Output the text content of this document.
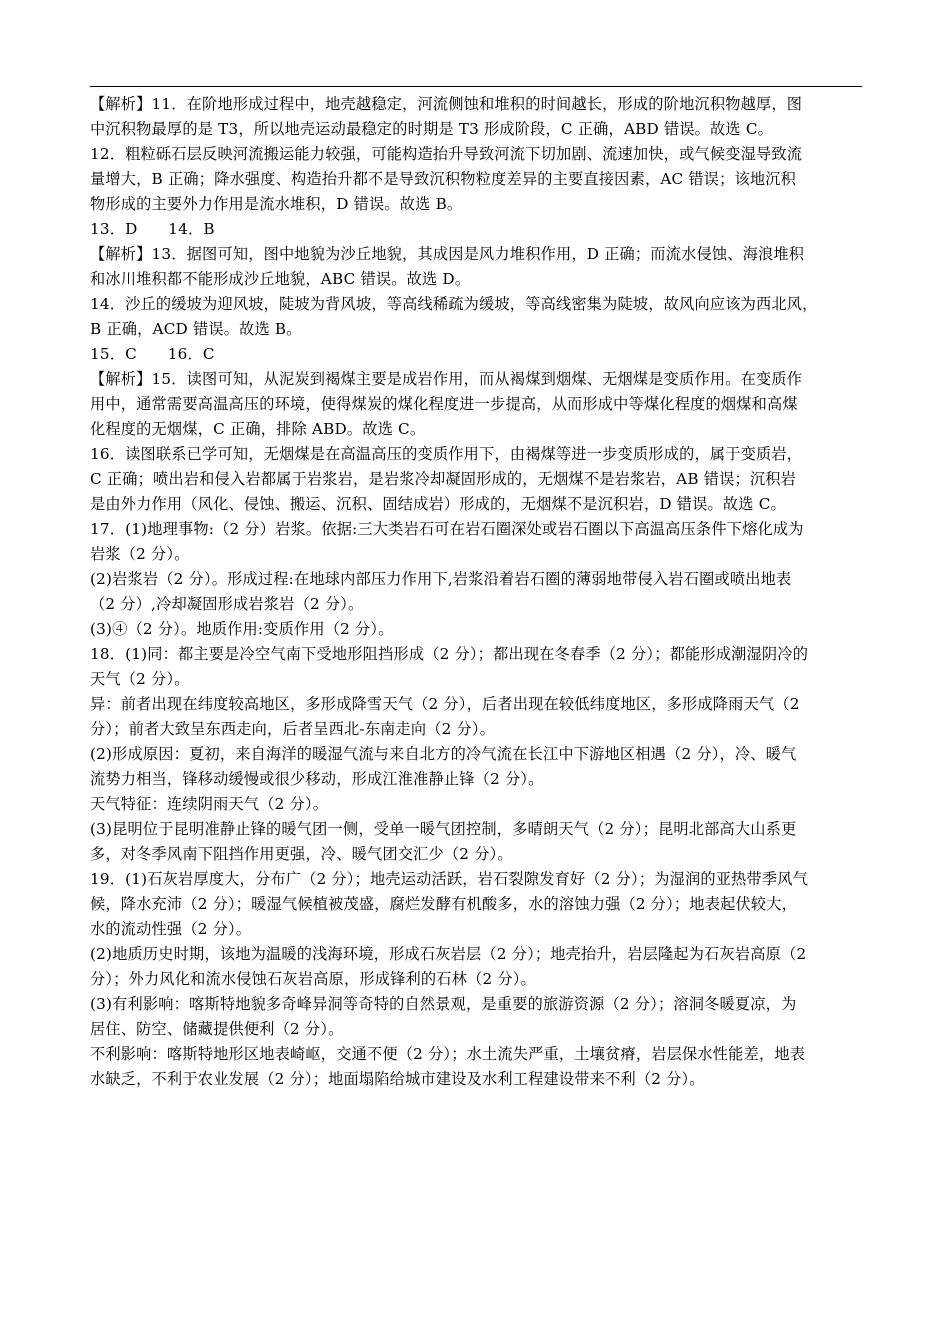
【解析】11．在阶地形成过程中，地壳越稳定，河流侧蚀和堆积的时间越长，形成的阶地沉积物越厚，图
中沉积物最厚的是 T3，所以地壳运动最稳定的时期是 T3 形成阶段，C 正确，ABD 错误。故选 C。
12．粗粒砾石层反映河流搬运能力较强，可能构造抬升导致河流下切加剧、流速加快，或气候变湿导致流
量增大，B 正确；降水强度、构造抬升都不是导致沉积物粒度差异的主要直接因素，AC 错误；该地沉积
物形成的主要外力作用是流水堆积，D 错误。故选 B。
13．D　　14．B
【解析】13．据图可知，图中地貌为沙丘地貌，其成因是风力堆积作用，D 正确；而流水侵蚀、海浪堆积
和冰川堆积都不能形成沙丘地貌，ABC 错误。故选 D。
14．沙丘的缓坡为迎风坡，陡坡为背风坡，等高线稀疏为缓坡，等高线密集为陡坡，故风向应该为西北风，
B 正确，ACD 错误。故选 B。
15．C　　16．C
【解析】15．读图可知，从泥炭到褐煤主要是成岩作用，而从褐煤到烟煤、无烟煤是变质作用。在变质作
用中，通常需要高温高压的环境，使得煤炭的煤化程度进一步提高，从而形成中等煤化程度的烟煤和高煤
化程度的无烟煤，C 正确，排除 ABD。故选 C。
16．读图联系已学可知，无烟煤是在高温高压的变质作用下，由褐煤等进一步变质形成的，属于变质岩，
C 正确；喷出岩和侵入岩都属于岩浆岩，是岩浆冷却凝固形成的，无烟煤不是岩浆岩，AB 错误；沉积岩
是由外力作用（风化、侵蚀、搬运、沉积、固结成岩）形成的，无烟煤不是沉积岩，D 错误。故选 C。
17．(1)地理事物:（2 分）岩浆。依据:三大类岩石可在岩石圈深处或岩石圈以下高温高压条件下熔化成为
岩浆（2 分）。
(2)岩浆岩（2 分）。形成过程:在地球内部压力作用下,岩浆沿着岩石圈的薄弱地带侵入岩石圈或喷出地表
（2 分）,冷却凝固形成岩浆岩（2 分）。
(3)④（2 分）。地质作用:变质作用（2 分）。
18．(1)同：都主要是冷空气南下受地形阻挡形成（2 分）；都出现在冬春季（2 分）；都能形成潮湿阴冷的
天气（2 分）。
异：前者出现在纬度较高地区，多形成降雪天气（2 分），后者出现在较低纬度地区，多形成降雨天气（2
分）；前者大致呈东西走向，后者呈西北-东南走向（2 分）。
(2)形成原因：夏初，来自海洋的暖湿气流与来自北方的冷气流在长江中下游地区相遇（2 分），冷、暖气
流势力相当，锋移动缓慢或很少移动，形成江淮准静止锋（2 分）。
天气特征：连续阴雨天气（2 分）。
(3)昆明位于昆明准静止锋的暖气团一侧，受单一暖气团控制，多晴朗天气（2 分）；昆明北部高大山系更
多，对冬季风南下阻挡作用更强，冷、暖气团交汇少（2 分）。
19．(1)石灰岩厚度大，分布广（2 分）；地壳运动活跃，岩石裂隙发育好（2 分）；为湿润的亚热带季风气
候，降水充沛（2 分）；暖湿气候植被茂盛，腐烂发酵有机酸多，水的溶蚀力强（2 分）；地表起伏较大，
水的流动性强（2 分）。
(2)地质历史时期，该地为温暖的浅海环境，形成石灰岩层（2 分）；地壳抬升，岩层隆起为石灰岩高原（2
分）；外力风化和流水侵蚀石灰岩高原，形成锋利的石林（2 分）。
(3)有利影响：喀斯特地貌多奇峰异洞等奇特的自然景观，是重要的旅游资源（2 分）；溶洞冬暖夏凉，为
居住、防空、储藏提供便利（2 分）。
不利影响：喀斯特地形区地表崎岖，交通不便（2 分）；水土流失严重，土壤贫瘠，岩层保水性能差，地表
水缺乏，不利于农业发展（2 分）；地面塌陷给城市建设及水利工程建设带来不利（2 分）。
